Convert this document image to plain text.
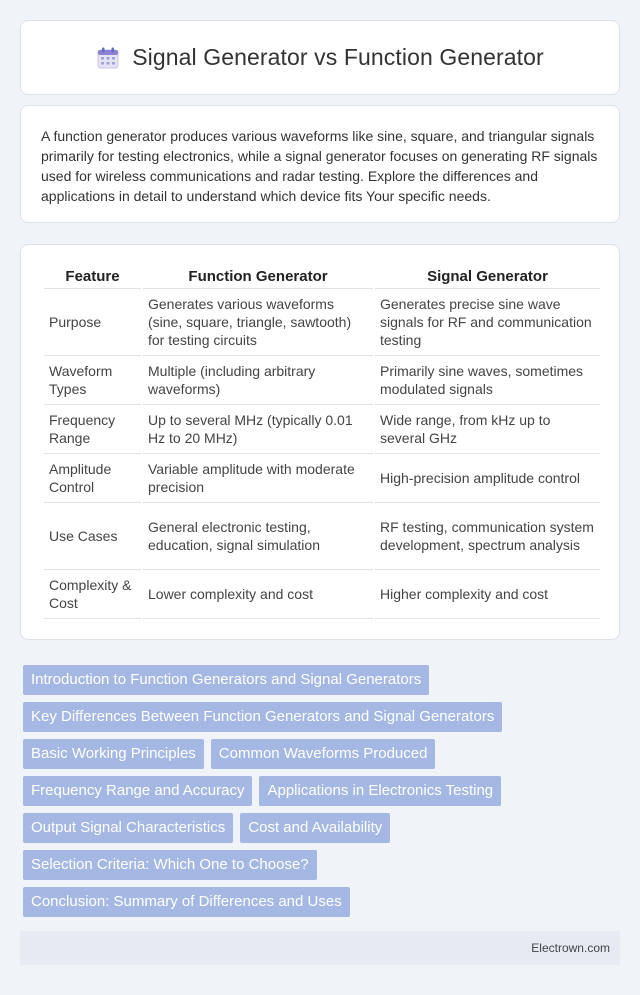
Signal Generator vs Function Generator

A function generator produces various waveforms like sine, square, and triangular signals primarily for testing electronics, while a signal generator focuses on generating RF signals used for wireless communications and radar testing. Explore the differences and applications in detail to understand which device fits Your specific needs.

Feature	Function Generator	Signal Generator
Purpose	Generates various waveforms (sine, square, triangle, sawtooth) for testing circuits	Generates precise sine wave signals for RF and communication testing
Waveform Types	Multiple (including arbitrary waveforms)	Primarily sine waves, sometimes modulated signals
Frequency Range	Up to several MHz (typically 0.01 Hz to 20 MHz)	Wide range, from kHz up to several GHz
Amplitude Control	Variable amplitude with moderate precision	High-precision amplitude control
Use Cases	General electronic testing, education, signal simulation	RF testing, communication system development, spectrum analysis
Complexity & Cost	Lower complexity and cost	Higher complexity and cost
Introduction to Function Generators and Signal Generators
Key Differences Between Function Generators and Signal Generators
Basic Working Principles	Common Waveforms Produced
Frequency Range and Accuracy	Applications in Electronics Testing
Output Signal Characteristics	Cost and Availability
Selection Criteria: Which One to Choose?
Conclusion: Summary of Differences and Uses
Electrown.com
